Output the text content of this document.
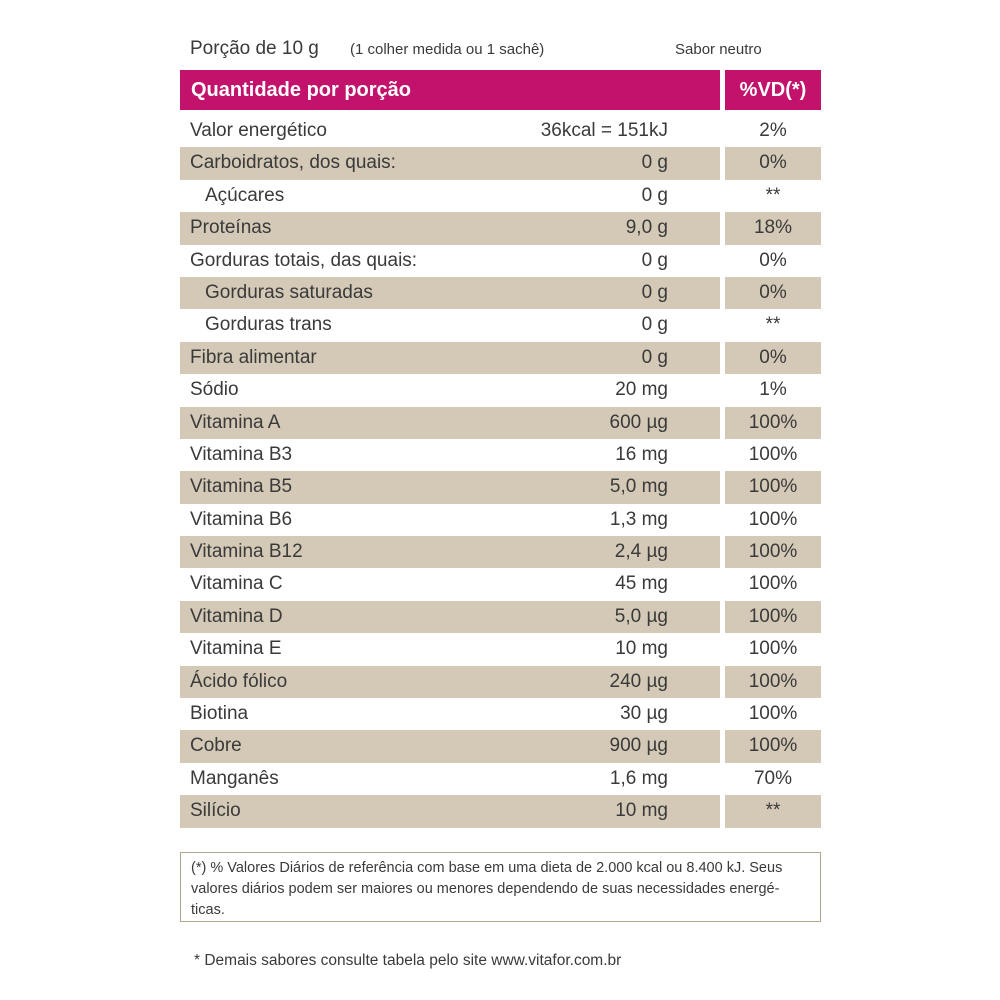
Porção de 10 g (1 colher medida ou 1 sachê)	Sabor neutro
Quantidade por porção	%VD(*)
Valor energético	36kcal = 151kJ	2%
Carboidratos, dos quais:	0 g	0%
Açúcares	0 g	**
Proteínas	9,0 g	18%
Gorduras totais, das quais:	0 g	0%
Gorduras saturadas	0 g	0%
Gorduras trans	0 g	**
Fibra alimentar	0 g	0%
Sódio	20 mg	1%
Vitamina A	600 µg	100%
Vitamina B3	16 mg	100%
Vitamina B5	5,0 mg	100%
Vitamina B6	1,3 mg	100%
Vitamina B12	2,4 µg	100%
Vitamina C	45 mg	100%
Vitamina D	5,0 µg	100%
Vitamina E	10 mg	100%
Ácido fólico	240 µg	100%
Biotina	30 µg	100%
Cobre	900 µg	100%
Manganês	1,6 mg	70%
Silício	10 mg	**
(*) % Valores Diários de referência com base em uma dieta de 2.000 kcal ou 8.400 kJ. Seus valores diários podem ser maiores ou menores dependendo de suas necessidades energé-ticas.
* Demais sabores consulte tabela pelo site www.vitafor.com.br
